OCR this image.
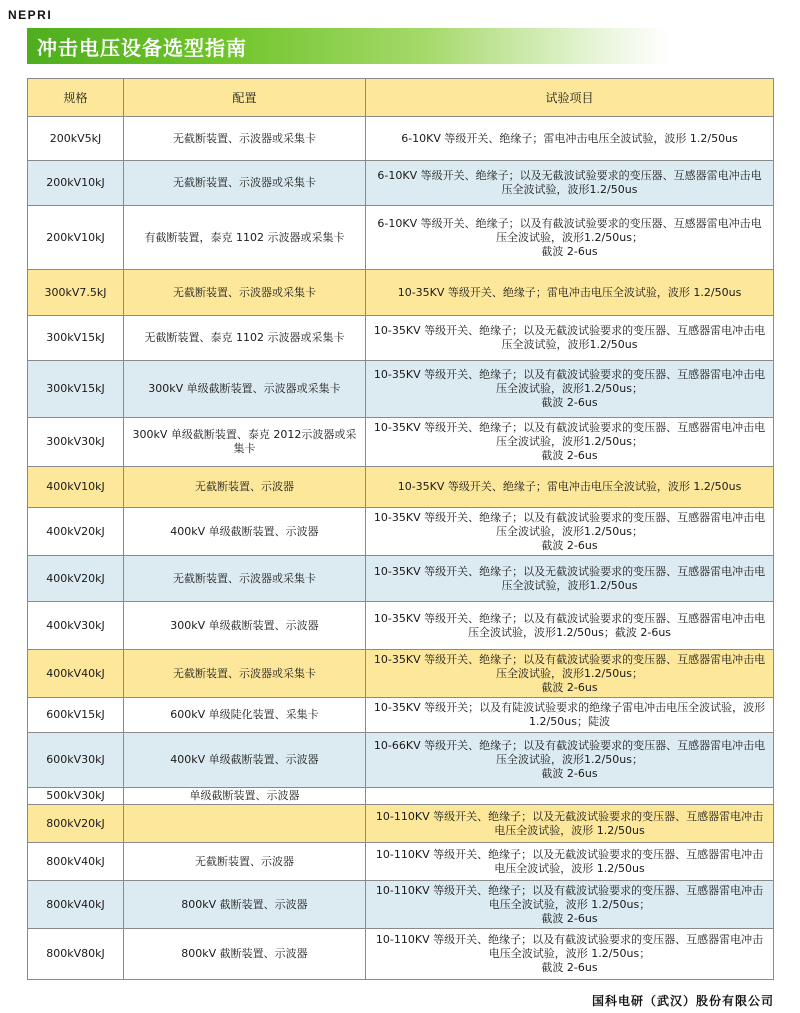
NEPRI
冲击电压设备选型指南
规格	配置	试验项目
200kV5kJ	无截断装置、示波器或采集卡	6-10KV 等级开关、绝缘子；雷电冲击电压全波试验，波形 1.2/50us
200kV10kJ	无截断装置、示波器或采集卡	6-10KV 等级开关、绝缘子；以及无截波试验要求的变压器、互感器雷电冲击电压全波试验，波形1.2/50us
200kV10kJ	有截断装置，泰克 1102 示波器或采集卡	6-10KV 等级开关、绝缘子；以及有截波试验要求的变压器、互感器雷电冲击电压全波试验，波形1.2/50us；
截波 2-6us
300kV7.5kJ	无截断装置、示波器或采集卡	10-35KV 等级开关、绝缘子；雷电冲击电压全波试验，波形 1.2/50us
300kV15kJ	无截断装置、泰克 1102 示波器或采集卡	10-35KV 等级开关、绝缘子；以及无截波试验要求的变压器、互感器雷电冲击电压全波试验，波形1.2/50us
300kV15kJ	300kV 单级截断装置、示波器或采集卡	10-35KV 等级开关、绝缘子；以及有截波试验要求的变压器、互感器雷电冲击电压全波试验，波形1.2/50us；
截波 2-6us
300kV30kJ	300kV 单级截断装置、泰克 2012示波器或采集卡	10-35KV 等级开关、绝缘子；以及有截波试验要求的变压器、互感器雷电冲击电压全波试验，波形1.2/50us；
截波 2-6us
400kV10kJ	无截断装置、示波器	10-35KV 等级开关、绝缘子；雷电冲击电压全波试验，波形 1.2/50us
400kV20kJ	400kV 单级截断装置、示波器	10-35KV 等级开关、绝缘子；以及有截波试验要求的变压器、互感器雷电冲击电压全波试验，波形1.2/50us；
截波 2-6us
400kV20kJ	无截断装置、示波器或采集卡	10-35KV 等级开关、绝缘子；以及无截波试验要求的变压器、互感器雷电冲击电压全波试验，波形1.2/50us
400kV30kJ	300kV 单级截断装置、示波器	10-35KV 等级开关、绝缘子；以及有截波试验要求的变压器、互感器雷电冲击电压全波试验，波形1.2/50us；截波 2-6us
400kV40kJ	无截断装置、示波器或采集卡	10-35KV 等级开关、绝缘子；以及有截波试验要求的变压器、互感器雷电冲击电压全波试验，波形1.2/50us；
截波 2-6us
600kV15kJ	600kV 单级陡化装置、采集卡	10-35KV 等级开关；以及有陡波试验要求的绝缘子雷电冲击电压全波试验，波形 1.2/50us；陡波
600kV30kJ	400kV 单级截断装置、示波器	10-66KV 等级开关、绝缘子；以及有截波试验要求的变压器、互感器雷电冲击电压全波试验，波形1.2/50us；
截波 2-6us
500kV30kJ	单级截断装置、示波器	
800kV20kJ		10-110KV 等级开关、绝缘子；以及无截波试验要求的变压器、互感器雷电冲击电压全波试验，波形 1.2/50us
800kV40kJ	无截断装置、示波器	10-110KV 等级开关、绝缘子；以及无截波试验要求的变压器、互感器雷电冲击电压全波试验，波形 1.2/50us
800kV40kJ	800kV 截断装置、示波器	10-110KV 等级开关、绝缘子；以及有截波试验要求的变压器、互感器雷电冲击电压全波试验，波形 1.2/50us；
截波 2-6us
800kV80kJ	800kV 截断装置、示波器	10-110KV 等级开关、绝缘子；以及有截波试验要求的变压器、互感器雷电冲击电压全波试验，波形 1.2/50us；
截波 2-6us
国科电研（武汉）股份有限公司
